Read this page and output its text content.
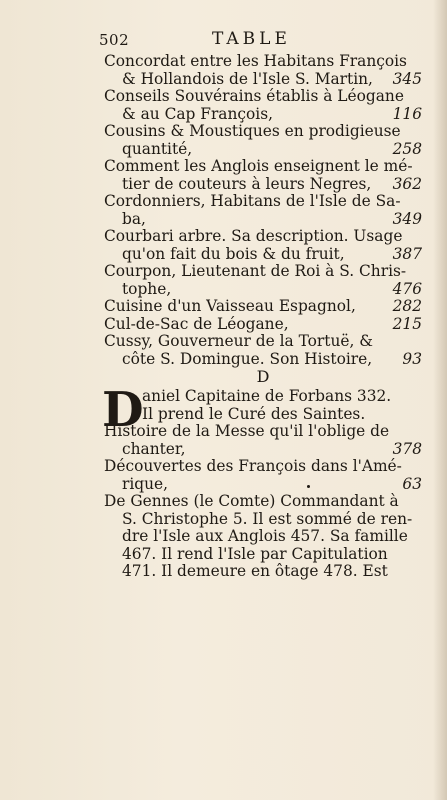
502	TABLE
Concordat entre les Habitans François
& Hollandois de l'Isle S. Martin, 345
Conseils Souvérains établis à Léogane
& au Cap François,	116
Cousins & Moustiques en prodigieuse
quantité,	258
Comment les Anglois enseignent le mé-
tier de couteurs à leurs Negres, 362
Cordonniers, Habitans de l'Isle de Sa-
ba,	349
Courbari arbre. Sa description. Usage
qu'on fait du bois & du fruit,	387
Courpon, Lieutenant de Roi à S. Chris-
tophe,	476
Cuisine d'un Vaisseau Espagnol, 282
Cul-de-Sac de Léogane,	215
Cussy, Gouverneur de la Tortuë, &
côte S. Domingue. Son Histoire, 93
D
D
aniel Capitaine de Forbans 332.
Il prend le Curé des Saintes.
Histoire de la Messe qu'il l'oblige de
chanter,	378
Découvertes des François dans l'Amé-
rique,	63
De Gennes (le Comte) Commandant à
S. Christophe 5. Il est sommé de ren-
dre l'Isle aux Anglois 457. Sa famille
467. Il rend l'Isle par Capitulation
471. Il demeure en ôtage 478. Est
